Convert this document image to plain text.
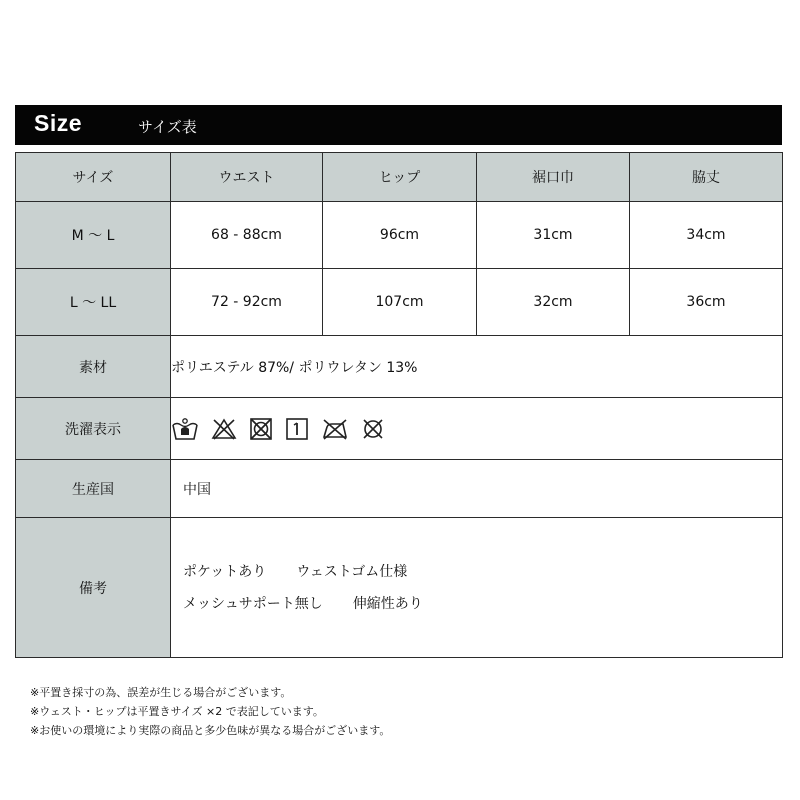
Size	サイズ表
サイズ	ウエスト	ヒップ	裾口巾	脇丈
M ～ L	68 - 88cm	96cm	31cm	34cm
L ～ LL	72 - 92cm	107cm	32cm	36cm
素材	ポリエステル 87%/ ポリウレタン 13%			
洗濯表示	

生産国	中国			
備考	ポケットあり ウェストゴム仕様
メッシュサポート無し 伸縮性あり			
※平置き採寸の為、誤差が生じる場合がございます。
※ウェスト・ヒップは平置きサイズ ×2 で表記しています。
※お使いの環境により実際の商品と多少色味が異なる場合がございます。
